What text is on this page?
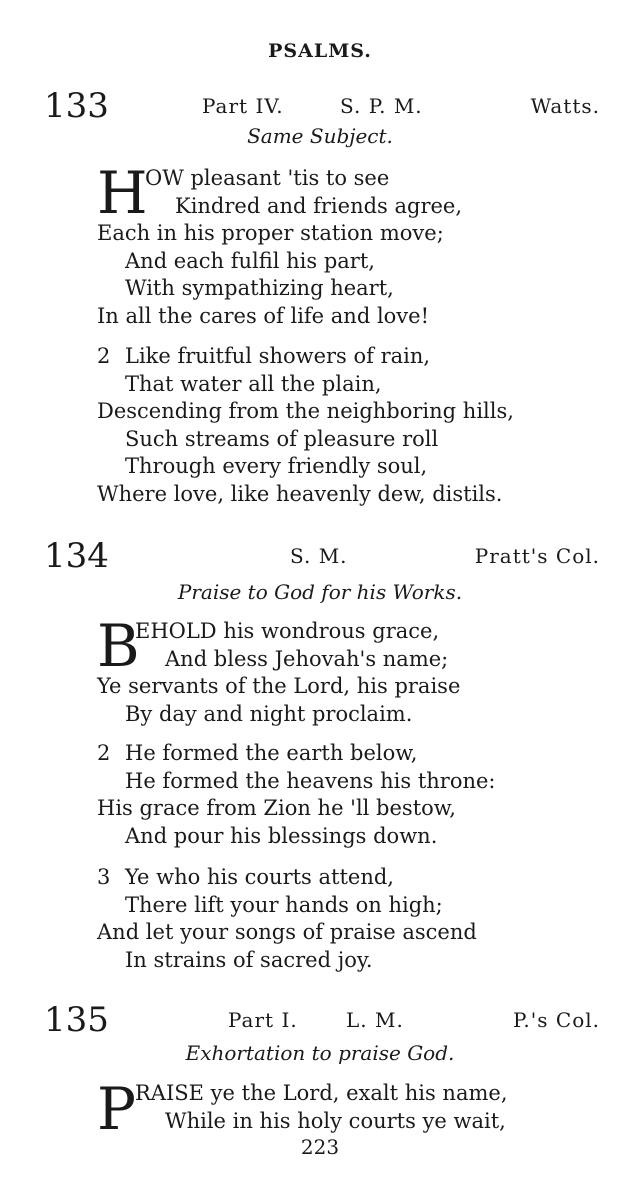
PSALMS.
133	Part IV.	S. P. M.	Watts.
Same Subject.
H
OW pleasant 'tis to see
Kindred and friends agree,
Each in his proper station move;
And each fulfil his part,
With sympathizing heart,
In all the cares of life and love!
2 Like fruitful showers of rain,
That water all the plain,
Descending from the neighboring hills,
Such streams of pleasure roll
Through every friendly soul,
Where love, like heavenly dew, distils.
134	S. M.	Pratt's Col.
Praise to God for his Works.
B
EHOLD his wondrous grace,
And bless Jehovah's name;
Ye servants of the Lord, his praise
By day and night proclaim.
2 He formed the earth below,
He formed the heavens his throne:
His grace from Zion he 'll bestow,
And pour his blessings down.
3 Ye who his courts attend,
There lift your hands on high;
And let your songs of praise ascend
In strains of sacred joy.
135	Part I. L. M.	P.'s Col.
Exhortation to praise God.
P
RAISE ye the Lord, exalt his name,
While in his holy courts ye wait,
223
